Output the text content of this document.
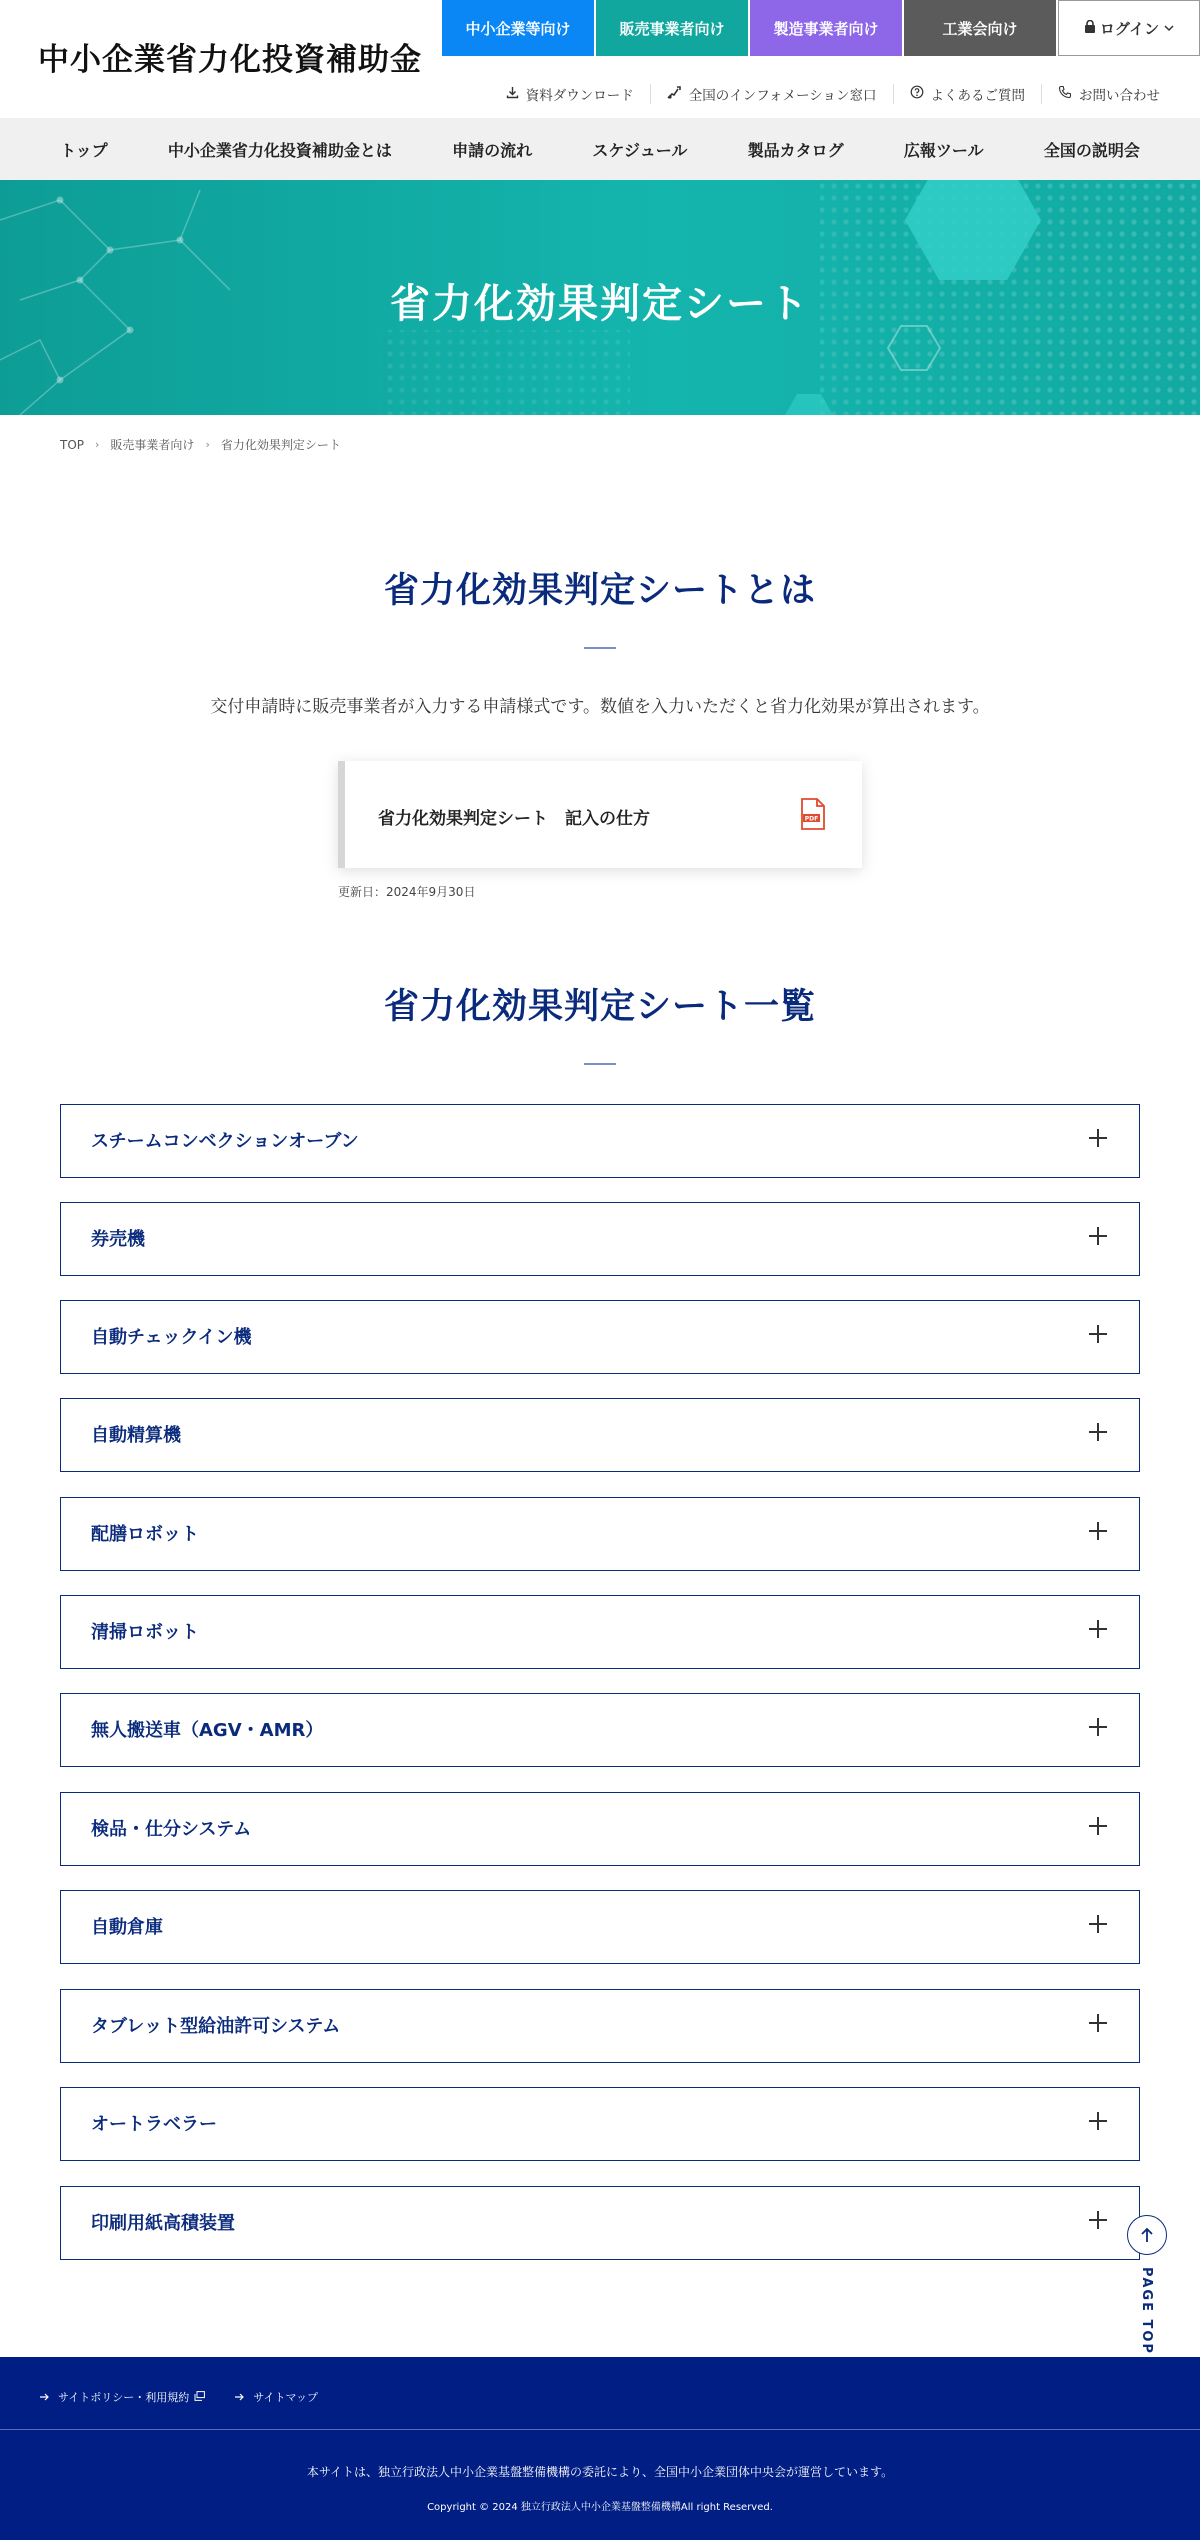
中小企業省力化投資補助金
中小企業等向け	販売事業者向け	製造事業者向け	工業会向け	ログイン
資料ダウンロード	全国のインフォメーション窓口	よくあるご質問	お問い合わせ
トップ	中小企業省力化投資補助金とは	申請の流れ	スケジュール	製品カタログ	広報ツール	全国の説明会
省力化効果判定シート
TOP › 販売事業者向け › 省力化効果判定シート
省力化効果判定シートとは
交付申請時に販売事業者が入力する申請様式です。数値を入力いただくと省力化効果が算出されます。
省力化効果判定シート　記入の仕方	PDF
更新日：2024年9月30日
省力化効果判定シート一覧
スチームコンベクションオーブン
券売機
自動チェックイン機
自動精算機
配膳ロボット
清掃ロボット
無人搬送車（AGV・AMR）
検品・仕分システム
自動倉庫
タブレット型給油許可システム
オートラベラー
印刷用紙高積装置
PAGE TOP
サイトポリシー・利用規約	サイトマップ
本サイトは、独立行政法人中小企業基盤整備機構の委託により、全国中小企業団体中央会が運営しています。
Copyright © 2024 独立行政法人中小企業基盤整備機構All right Reserved.
